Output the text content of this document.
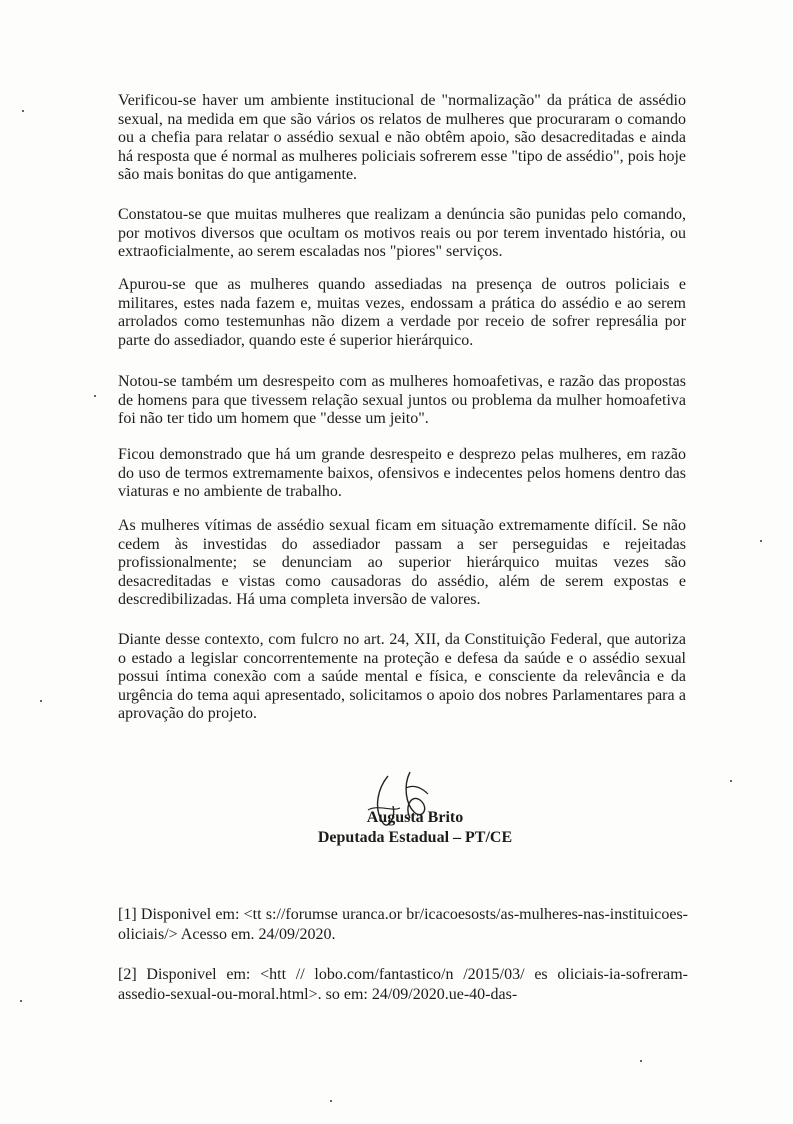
Verificou-se haver um ambiente institucional de "normalização" da prática de assédio sexual, na medida em que são vários os relatos de mulheres que procuraram o comando ou a chefia para relatar o assédio sexual e não obtêm apoio, são desacreditadas e ainda há resposta que é normal as mulheres policiais sofrerem esse "tipo de assédio", pois hoje são mais bonitas do que antigamente.

Constatou-se que muitas mulheres que realizam a denúncia são punidas pelo comando, por motivos diversos que ocultam os motivos reais ou por terem inventado história, ou extraoficialmente, ao serem escaladas nos "piores" serviços.

Apurou-se que as mulheres quando assediadas na presença de outros policiais e militares, estes nada fazem e, muitas vezes, endossam a prática do assédio e ao serem arrolados como testemunhas não dizem a verdade por receio de sofrer represália por parte do assediador, quando este é superior hierárquico.

Notou-se também um desrespeito com as mulheres homoafetivas, e razão das propostas de homens para que tivessem relação sexual juntos ou problema da mulher homoafetiva foi não ter tido um homem que "desse um jeito".

Ficou demonstrado que há um grande desrespeito e desprezo pelas mulheres, em razão do uso de termos extremamente baixos, ofensivos e indecentes pelos homens dentro das viaturas e no ambiente de trabalho.

As mulheres vítimas de assédio sexual ficam em situação extremamente difícil. Se não cedem às investidas do assediador passam a ser perseguidas e rejeitadas profissionalmente; se denunciam ao superior hierárquico muitas vezes são desacreditadas e vistas como causadoras do assédio, além de serem expostas e descredibilizadas. Há uma completa inversão de valores.

Diante desse contexto, com fulcro no art. 24, XII, da Constituição Federal, que autoriza o estado a legislar concorrentemente na proteção e defesa da saúde e o assédio sexual possui íntima conexão com a saúde mental e física, e consciente da relevância e da urgência do tema aqui apresentado, solicitamos o apoio dos nobres Parlamentares para a aprovação do projeto.

Augusta Brito
Deputada Estadual – PT/CE

[1] Disponivel em: <tt s://forumse uranca.or br/icacoesosts/as-mulheres-nas-instituicoes- oliciais/> Acesso em. 24/09/2020.

[2] Disponivel em: <htt // lobo.com/fantastico/n /2015/03/ es oliciais-ia-sofreram-assedio-sexual-ou-moral.html>. so em: 24/09/2020.ue-40-das-
